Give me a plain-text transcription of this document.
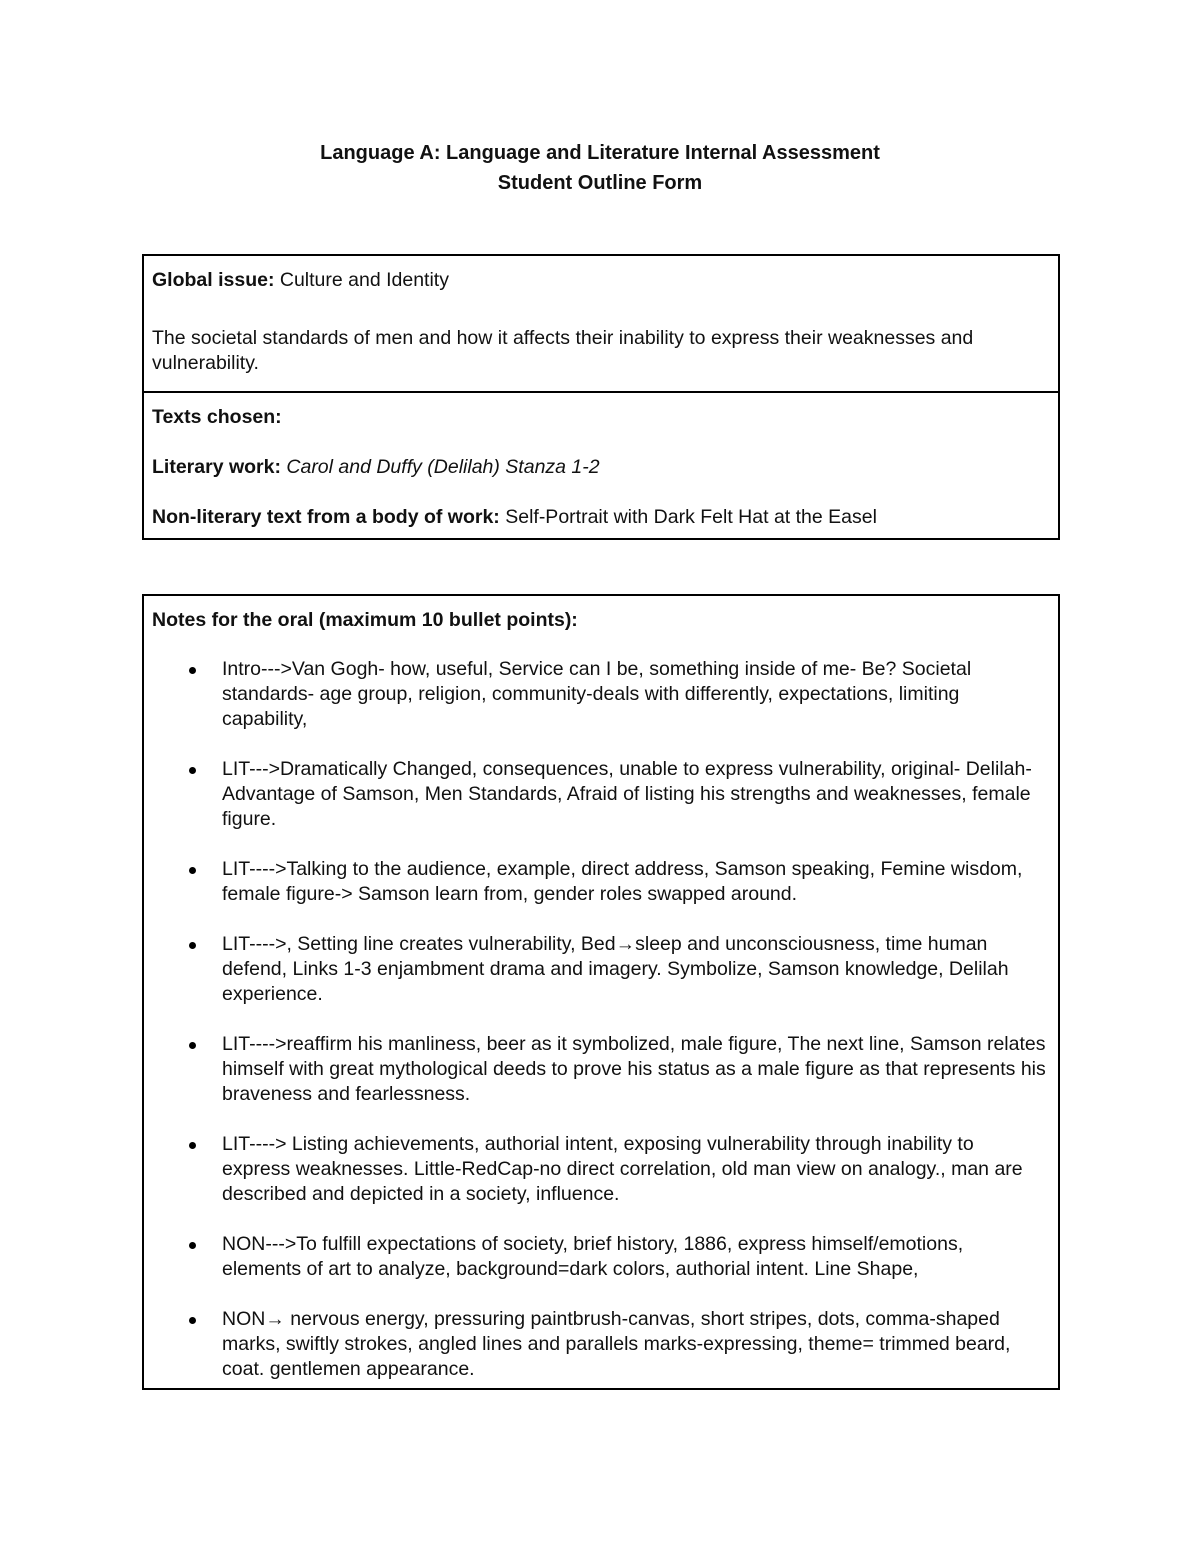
Language A: Language and Literature Internal Assessment
Student Outline Form

Global issue: Culture and Identity

The societal standards of men and how it affects their inability to express their weaknesses and vulnerability.

Texts chosen:

Literary work: Carol and Duffy (Delilah) Stanza 1-2

Non-literary text from a body of work: Self-Portrait with Dark Felt Hat at the Easel

Notes for the oral (maximum 10 bullet points):

Intro--->Van Gogh- how, useful, Service can I be, something inside of me- Be? Societal standards- age group, religion, community-deals with differently, expectations, limiting capability,
LIT--->Dramatically Changed, consequences, unable to express vulnerability, original- Delilah-Advantage of Samson, Men Standards, Afraid of listing his strengths and weaknesses, female figure.
LIT---->Talking to the audience, example, direct address, Samson speaking, Femine wisdom, female figure-> Samson learn from, gender roles swapped around.
LIT---->, Setting line creates vulnerability, Bed→sleep and unconsciousness, time human defend, Links 1-3 enjambment drama and imagery. Symbolize, Samson knowledge, Delilah experience.
LIT---->reaffirm his manliness, beer as it symbolized, male figure, The next line, Samson relates himself with great mythological deeds to prove his status as a male figure as that represents his braveness and fearlessness.
LIT----> Listing achievements, authorial intent, exposing vulnerability through inability to express weaknesses. Little-RedCap-no direct correlation, old man view on analogy., man are described and depicted in a society, influence.
NON--->To fulfill expectations of society, brief history, 1886, express himself/emotions, elements of art to analyze, background=dark colors, authorial intent. Line Shape,
NON→ nervous energy, pressuring paintbrush-canvas, short stripes, dots, comma-shaped marks, swiftly strokes, angled lines and parallels marks-expressing, theme= trimmed beard, coat. gentlemen appearance.
